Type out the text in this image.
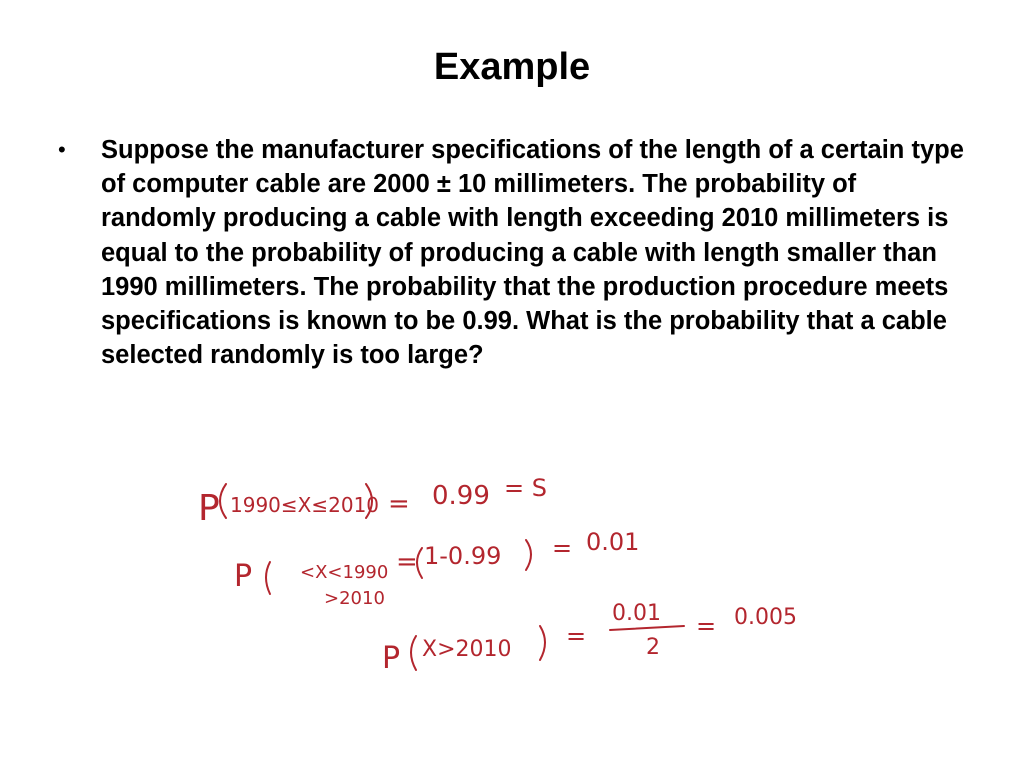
Example
• Suppose the manufacturer specifications of the length of a certain type of computer cable are 2000 ± 10 millimeters. The probability of randomly producing a cable with length exceeding 2010 millimeters is equal to the probability of producing a cable with length smaller than 1990 millimeters. The probability that the production procedure meets specifications is known to be 0.99. What is the probability that a cable selected randomly is too large?
P 1990≤X≤2010 = 0.99 = S
P	<X<1990
>2010
= 1-0.99 = 0.01
P X>2010 =
0.01
2
= 0.005
